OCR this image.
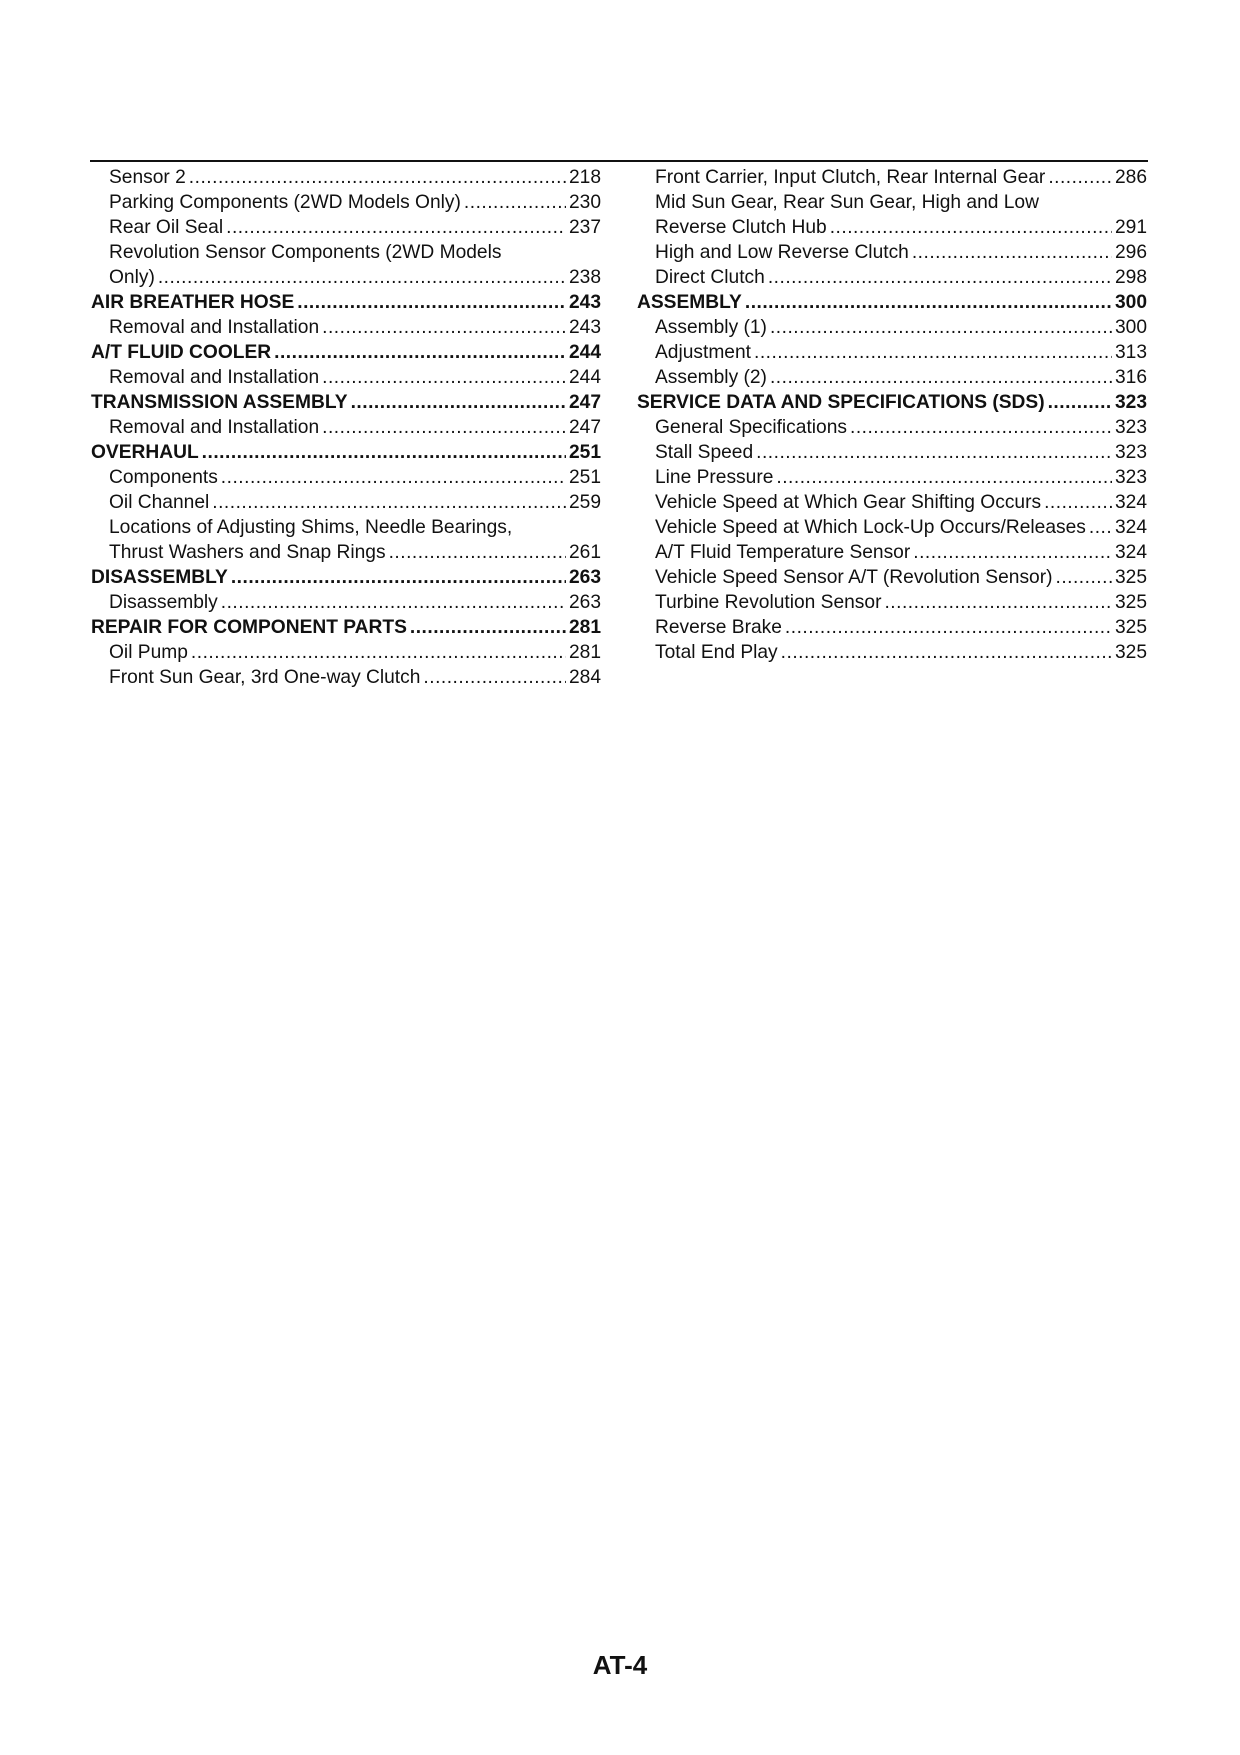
Sensor 2 .....	218
Parking Components (2WD Models Only) .....	230
Rear Oil Seal .....	237
Revolution Sensor Components (2WD Models
Only) .....	238
AIR BREATHER HOSE .....	243
Removal and Installation .....	243
A/T FLUID COOLER .....	244
Removal and Installation .....	244
TRANSMISSION ASSEMBLY .....	247
Removal and Installation .....	247
OVERHAUL .....	251
Components .....	251
Oil Channel .....	259
Locations of Adjusting Shims, Needle Bearings,
Thrust Washers and Snap Rings .....	261
DISASSEMBLY .....	263
Disassembly .....	263
REPAIR FOR COMPONENT PARTS .....	281
Oil Pump .....	281
Front Sun Gear, 3rd One-way Clutch .....	284
Front Carrier, Input Clutch, Rear Internal Gear .....	286
Mid Sun Gear, Rear Sun Gear, High and Low
Reverse Clutch Hub .....	291
High and Low Reverse Clutch .....	296
Direct Clutch .....	298
ASSEMBLY .....	300
Assembly (1) .....	300
Adjustment .....	313
Assembly (2) .....	316
SERVICE DATA AND SPECIFICATIONS (SDS) .....	323
General Specifications .....	323
Stall Speed .....	323
Line Pressure .....	323
Vehicle Speed at Which Gear Shifting Occurs .....	324
Vehicle Speed at Which Lock-Up Occurs/Releases ..... 324
A/T Fluid Temperature Sensor .....	324
Vehicle Speed Sensor A/T (Revolution Sensor) .....	325
Turbine Revolution Sensor .....	325
Reverse Brake .....	325
Total End Play .....	325
AT-4
